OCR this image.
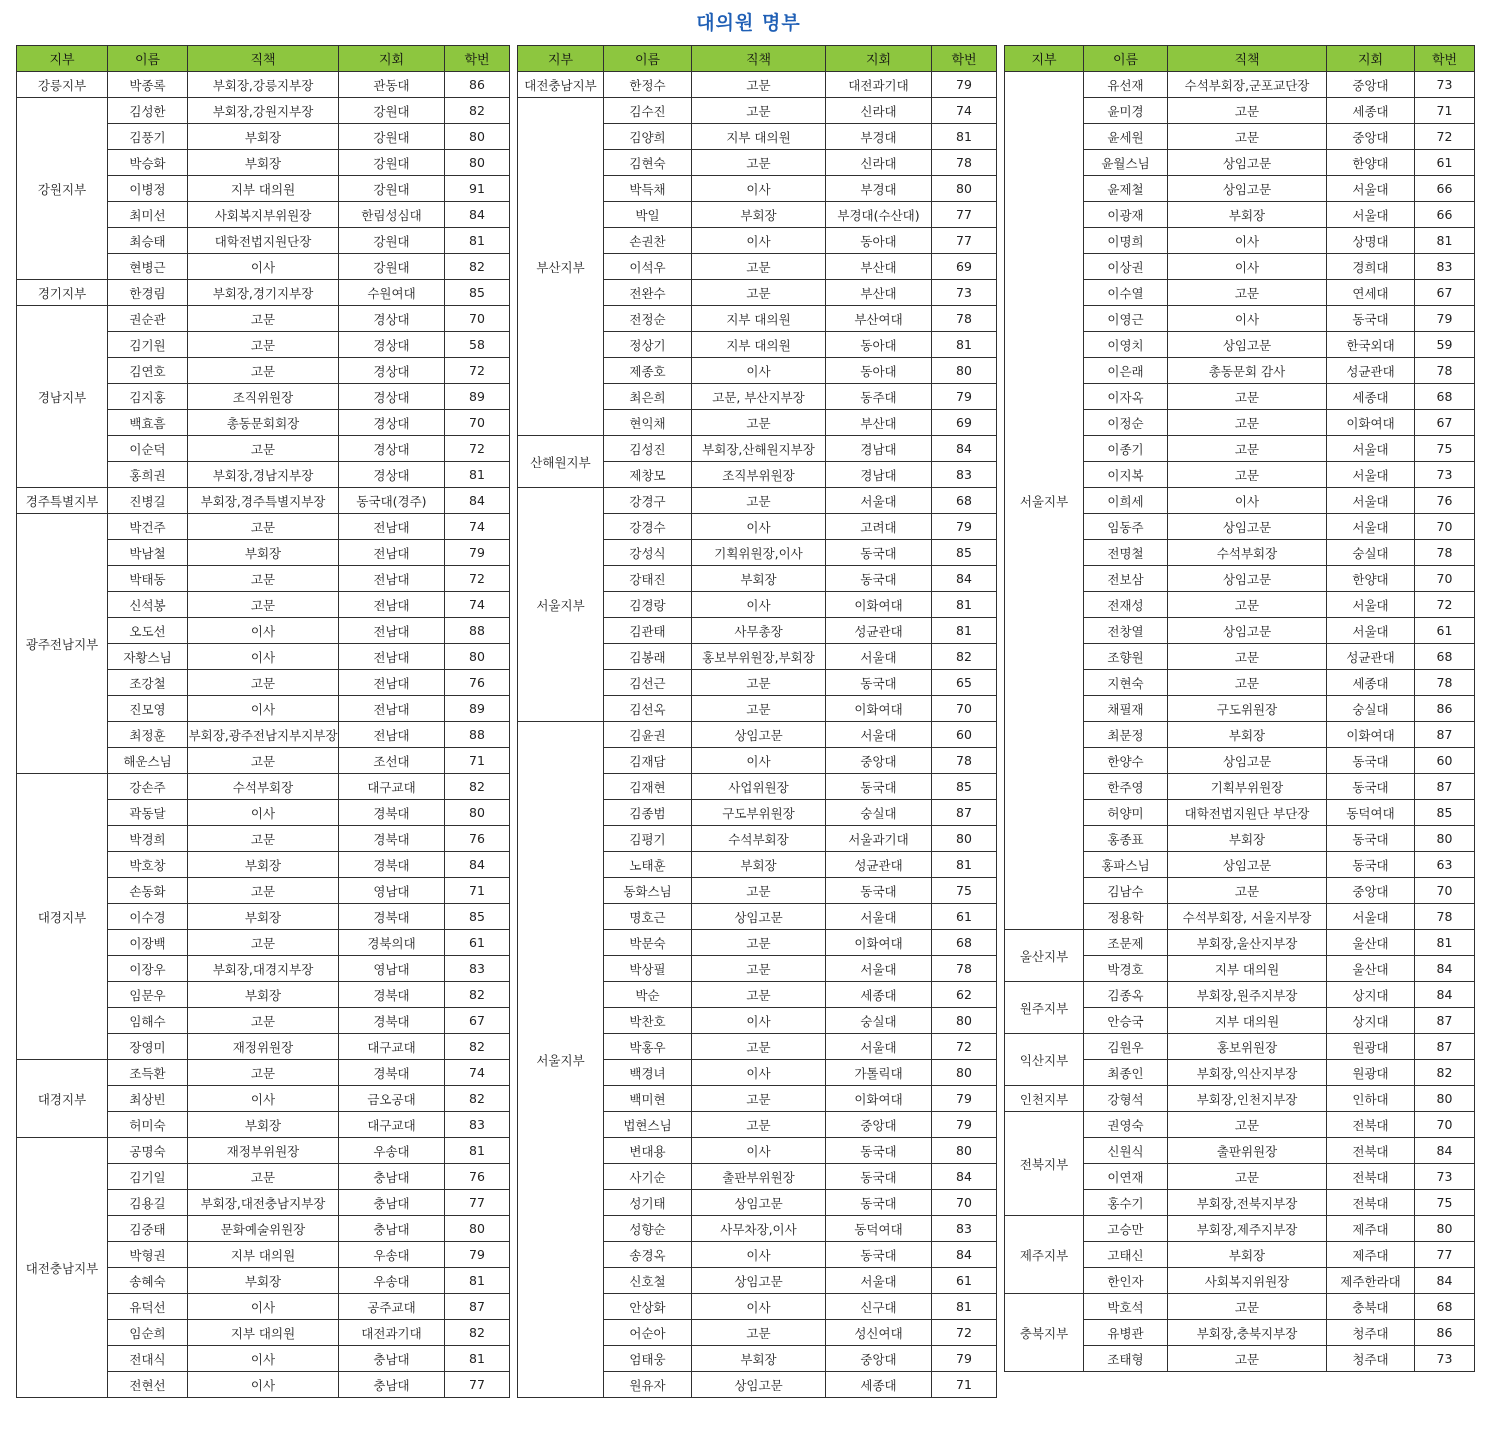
대의원 명부
지부	이름	직책	지회	학번
강릉지부	박종록	부회장,강릉지부장	관동대	86
강원지부	김성한	부회장,강원지부장	강원대	82
	김풍기	부회장	강원대	80
	박승화	부회장	강원대	80
	이병정	지부 대의원	강원대	91
	최미선	사회복지부위원장	한림성심대	84
	최승태	대학전법지원단장	강원대	81
	현병근	이사	강원대	82
경기지부	한경림	부회장,경기지부장	수원여대	85
경남지부	권순관	고문	경상대	70
	김기원	고문	경상대	58
	김연호	고문	경상대	72
	김지홍	조직위원장	경상대	89
	백효흠	총동문회회장	경상대	70
	이순덕	고문	경상대	72
	홍희권	부회장,경남지부장	경상대	81
경주특별지부	진병길	부회장,경주특별지부장	동국대(경주)	84
광주전남지부	박건주	고문	전남대	74
	박남철	부회장	전남대	79
	박태동	고문	전남대	72
	신석봉	고문	전남대	74
	오도선	이사	전남대	88
	자황스님	이사	전남대	80
	조강철	고문	전남대	76
	진모영	이사	전남대	89
	최정훈	부회장,광주전남지부지부장	전남대	88
	해운스님	고문	조선대	71
대경지부	강손주	수석부회장	대구교대	82
	곽동달	이사	경북대	80
	박경희	고문	경북대	76
	박호창	부회장	경북대	84
	손동화	고문	영남대	71
	이수경	부회장	경북대	85
	이장백	고문	경북의대	61
	이장우	부회장,대경지부장	영남대	83
	임문우	부회장	경북대	82
	임해수	고문	경북대	67
	장영미	재정위원장	대구교대	82
대경지부	조득환	고문	경북대	74
	최상빈	이사	금오공대	82
	허미숙	부회장	대구교대	83
대전충남지부	공명숙	재정부위원장	우송대	81
	김기일	고문	충남대	76
	김용길	부회장,대전충남지부장	충남대	77
	김중태	문화예술위원장	충남대	80
	박형권	지부 대의원	우송대	79
	송혜숙	부회장	우송대	81
	유덕선	이사	공주교대	87
	임순희	지부 대의원	대전과기대	82
	전대식	이사	충남대	81
	전현선	이사	충남대	77
지부	이름	직책	지회	학번
대전충남지부	한정수	고문	대전과기대	79
부산지부	김수진	고문	신라대	74
	김양희	지부 대의원	부경대	81
	김현숙	고문	신라대	78
	박득채	이사	부경대	80
	박일	부회장	부경대(수산대)	77
	손권찬	이사	동아대	77
	이석우	고문	부산대	69
	전완수	고문	부산대	73
	전정순	지부 대의원	부산여대	78
	정상기	지부 대의원	동아대	81
	제종호	이사	동아대	80
	최은희	고문, 부산지부장	동주대	79
	현익채	고문	부산대	69
산해원지부	김성진	부회장,산해원지부장	경남대	84
	제창모	조직부위원장	경남대	83
서울지부	강경구	고문	서울대	68
	강경수	이사	고려대	79
	강성식	기획위원장,이사	동국대	85
	강태진	부회장	동국대	84
	김경랑	이사	이화여대	81
	김관태	사무총장	성균관대	81
	김봉래	홍보부위원장,부회장	서울대	82
	김선근	고문	동국대	65
	김선옥	고문	이화여대	70
서울지부	김윤권	상임고문	서울대	60
	김재담	이사	중앙대	78
	김재현	사업위원장	동국대	85
	김종범	구도부위원장	숭실대	87
	김평기	수석부회장	서울과기대	80
	노태훈	부회장	성균관대	81
	동화스님	고문	동국대	75
	명호근	상임고문	서울대	61
	박문숙	고문	이화여대	68
	박상필	고문	서울대	78
	박순	고문	세종대	62
	박찬호	이사	숭실대	80
	박홍우	고문	서울대	72
	백경녀	이사	가톨릭대	80
	백미현	고문	이화여대	79
	법현스님	고문	중앙대	79
	변대용	이사	동국대	80
	사기순	출판부위원장	동국대	84
	성기태	상임고문	동국대	70
	성향순	사무차장,이사	동덕여대	83
	송경옥	이사	동국대	84
	신호철	상임고문	서울대	61
	안상화	이사	신구대	81
	어순아	고문	성신여대	72
	엄태웅	부회장	중앙대	79
	원유자	상임고문	세종대	71
지부	이름	직책	지회	학번
서울지부	유선재	수석부회장,군포교단장	중앙대	73
	윤미경	고문	세종대	71
	윤세원	고문	중앙대	72
	윤월스님	상임고문	한양대	61
	윤제철	상임고문	서울대	66
	이광재	부회장	서울대	66
	이명희	이사	상명대	81
	이상권	이사	경희대	83
	이수열	고문	연세대	67
	이영근	이사	동국대	79
	이영치	상임고문	한국외대	59
	이은래	총동문회 감사	성균관대	78
	이자옥	고문	세종대	68
	이정순	고문	이화여대	67
	이종기	고문	서울대	75
	이지복	고문	서울대	73
	이희세	이사	서울대	76
	임동주	상임고문	서울대	70
	전명철	수석부회장	숭실대	78
	전보삼	상임고문	한양대	70
	전재성	고문	서울대	72
	전창열	상임고문	서울대	61
	조향원	고문	성균관대	68
	지현숙	고문	세종대	78
	채필재	구도위원장	숭실대	86
	최문정	부회장	이화여대	87
	한양수	상임고문	동국대	60
	한주영	기획부위원장	동국대	87
	허양미	대학전법지원단 부단장	동덕여대	85
	홍종표	부회장	동국대	80
	홍파스님	상임고문	동국대	63
	김남수	고문	중앙대	70
	정용학	수석부회장, 서울지부장	서울대	78
울산지부	조문제	부회장,울산지부장	울산대	81
	박경호	지부 대의원	울산대	84
원주지부	김종옥	부회장,원주지부장	상지대	84
	안승국	지부 대의원	상지대	87
익산지부	김원우	홍보위원장	원광대	87
	최종인	부회장,익산지부장	원광대	82
인천지부	강형석	부회장,인천지부장	인하대	80
전북지부	권영숙	고문	전북대	70
	신원식	출판위원장	전북대	84
	이연재	고문	전북대	73
	홍수기	부회장,전북지부장	전북대	75
제주지부	고승만	부회장,제주지부장	제주대	80
	고태신	부회장	제주대	77
	한인자	사회복지위원장	제주한라대	84
충북지부	박호석	고문	충북대	68
	유병관	부회장,충북지부장	청주대	86
	조태형	고문	청주대	73
